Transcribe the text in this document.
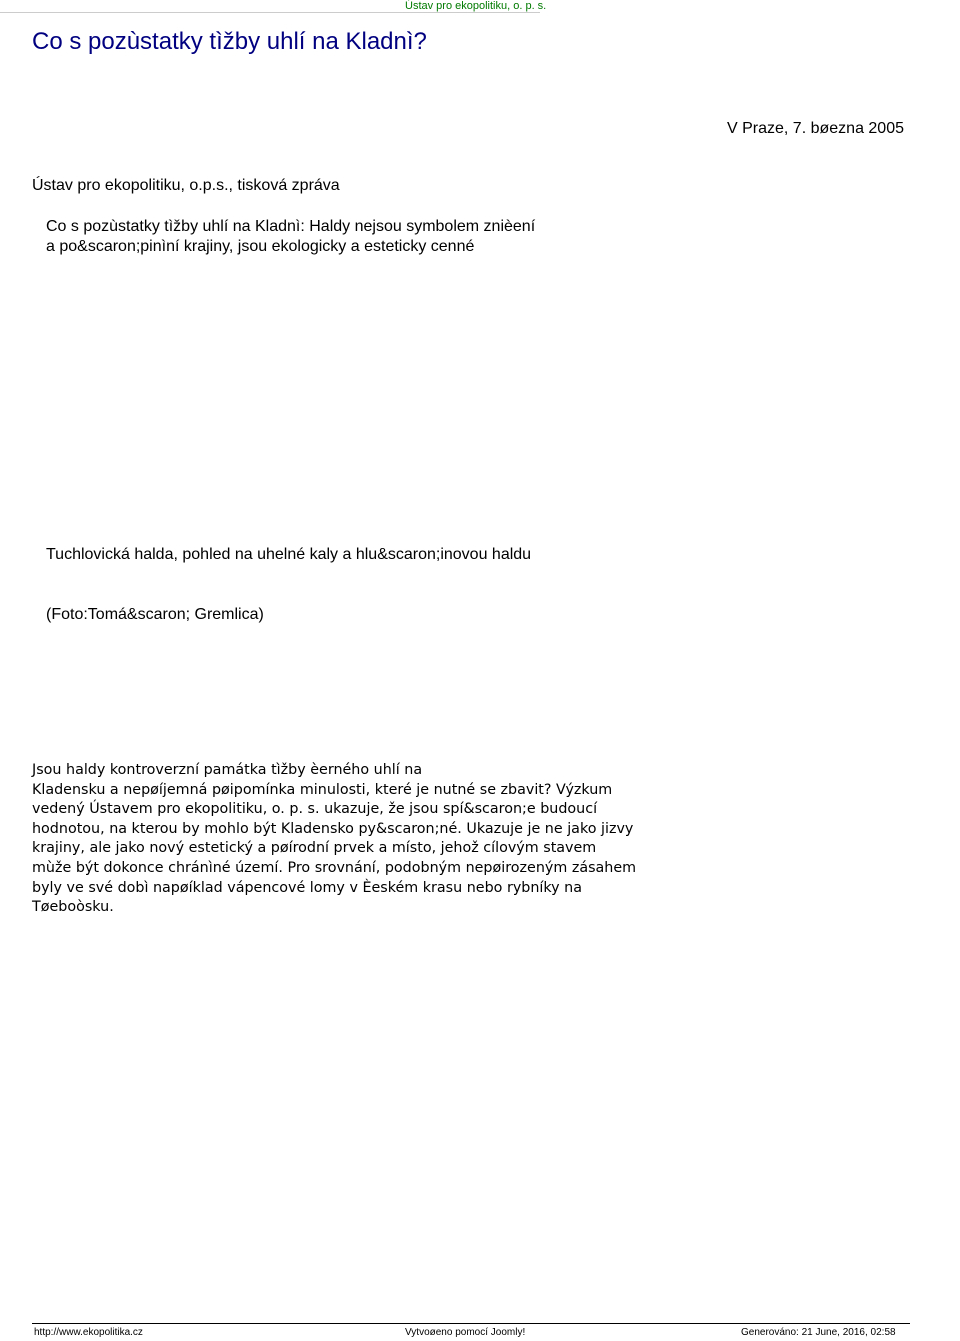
Ústav pro ekopolitiku, o. p. s.
Co s pozùstatky tìžby uhlí na Kladnì?
V Praze, 7. bøezna 2005
Ústav pro ekopolitiku, o.p.s., tisková zpráva
Co s pozùstatky tìžby uhlí na Kladnì: Haldy nejsou symbolem znièení
a po&scaron;pinìní krajiny, jsou ekologicky a esteticky cenné
Tuchlovická halda, pohled na uhelné kaly a hlu&scaron;inovou haldu
(Foto:Tomá&scaron; Gremlica)
Jsou haldy kontroverzní památka tìžby èerného uhlí na
Kladensku a nepøíjemná pøipomínka minulosti, které je nutné se zbavit? Výzkum
vedený Ústavem pro ekopolitiku, o. p. s. ukazuje, že jsou spí&scaron;e budoucí
hodnotou, na kterou by mohlo být Kladensko py&scaron;né. Ukazuje je ne jako jizvy
krajiny, ale jako nový estetický a pøírodní prvek a místo, jehož cílovým stavem
mùže být dokonce chránìné území. Pro srovnání, podobným nepøirozeným zásahem
byly ve své dobì napøíklad vápencové lomy v Èeském krasu nebo rybníky na
Tøeboòsku.
http://www.ekopolitika.cz	Vytvoøeno pomocí Joomly!	Generováno: 21 June, 2016, 02:58
